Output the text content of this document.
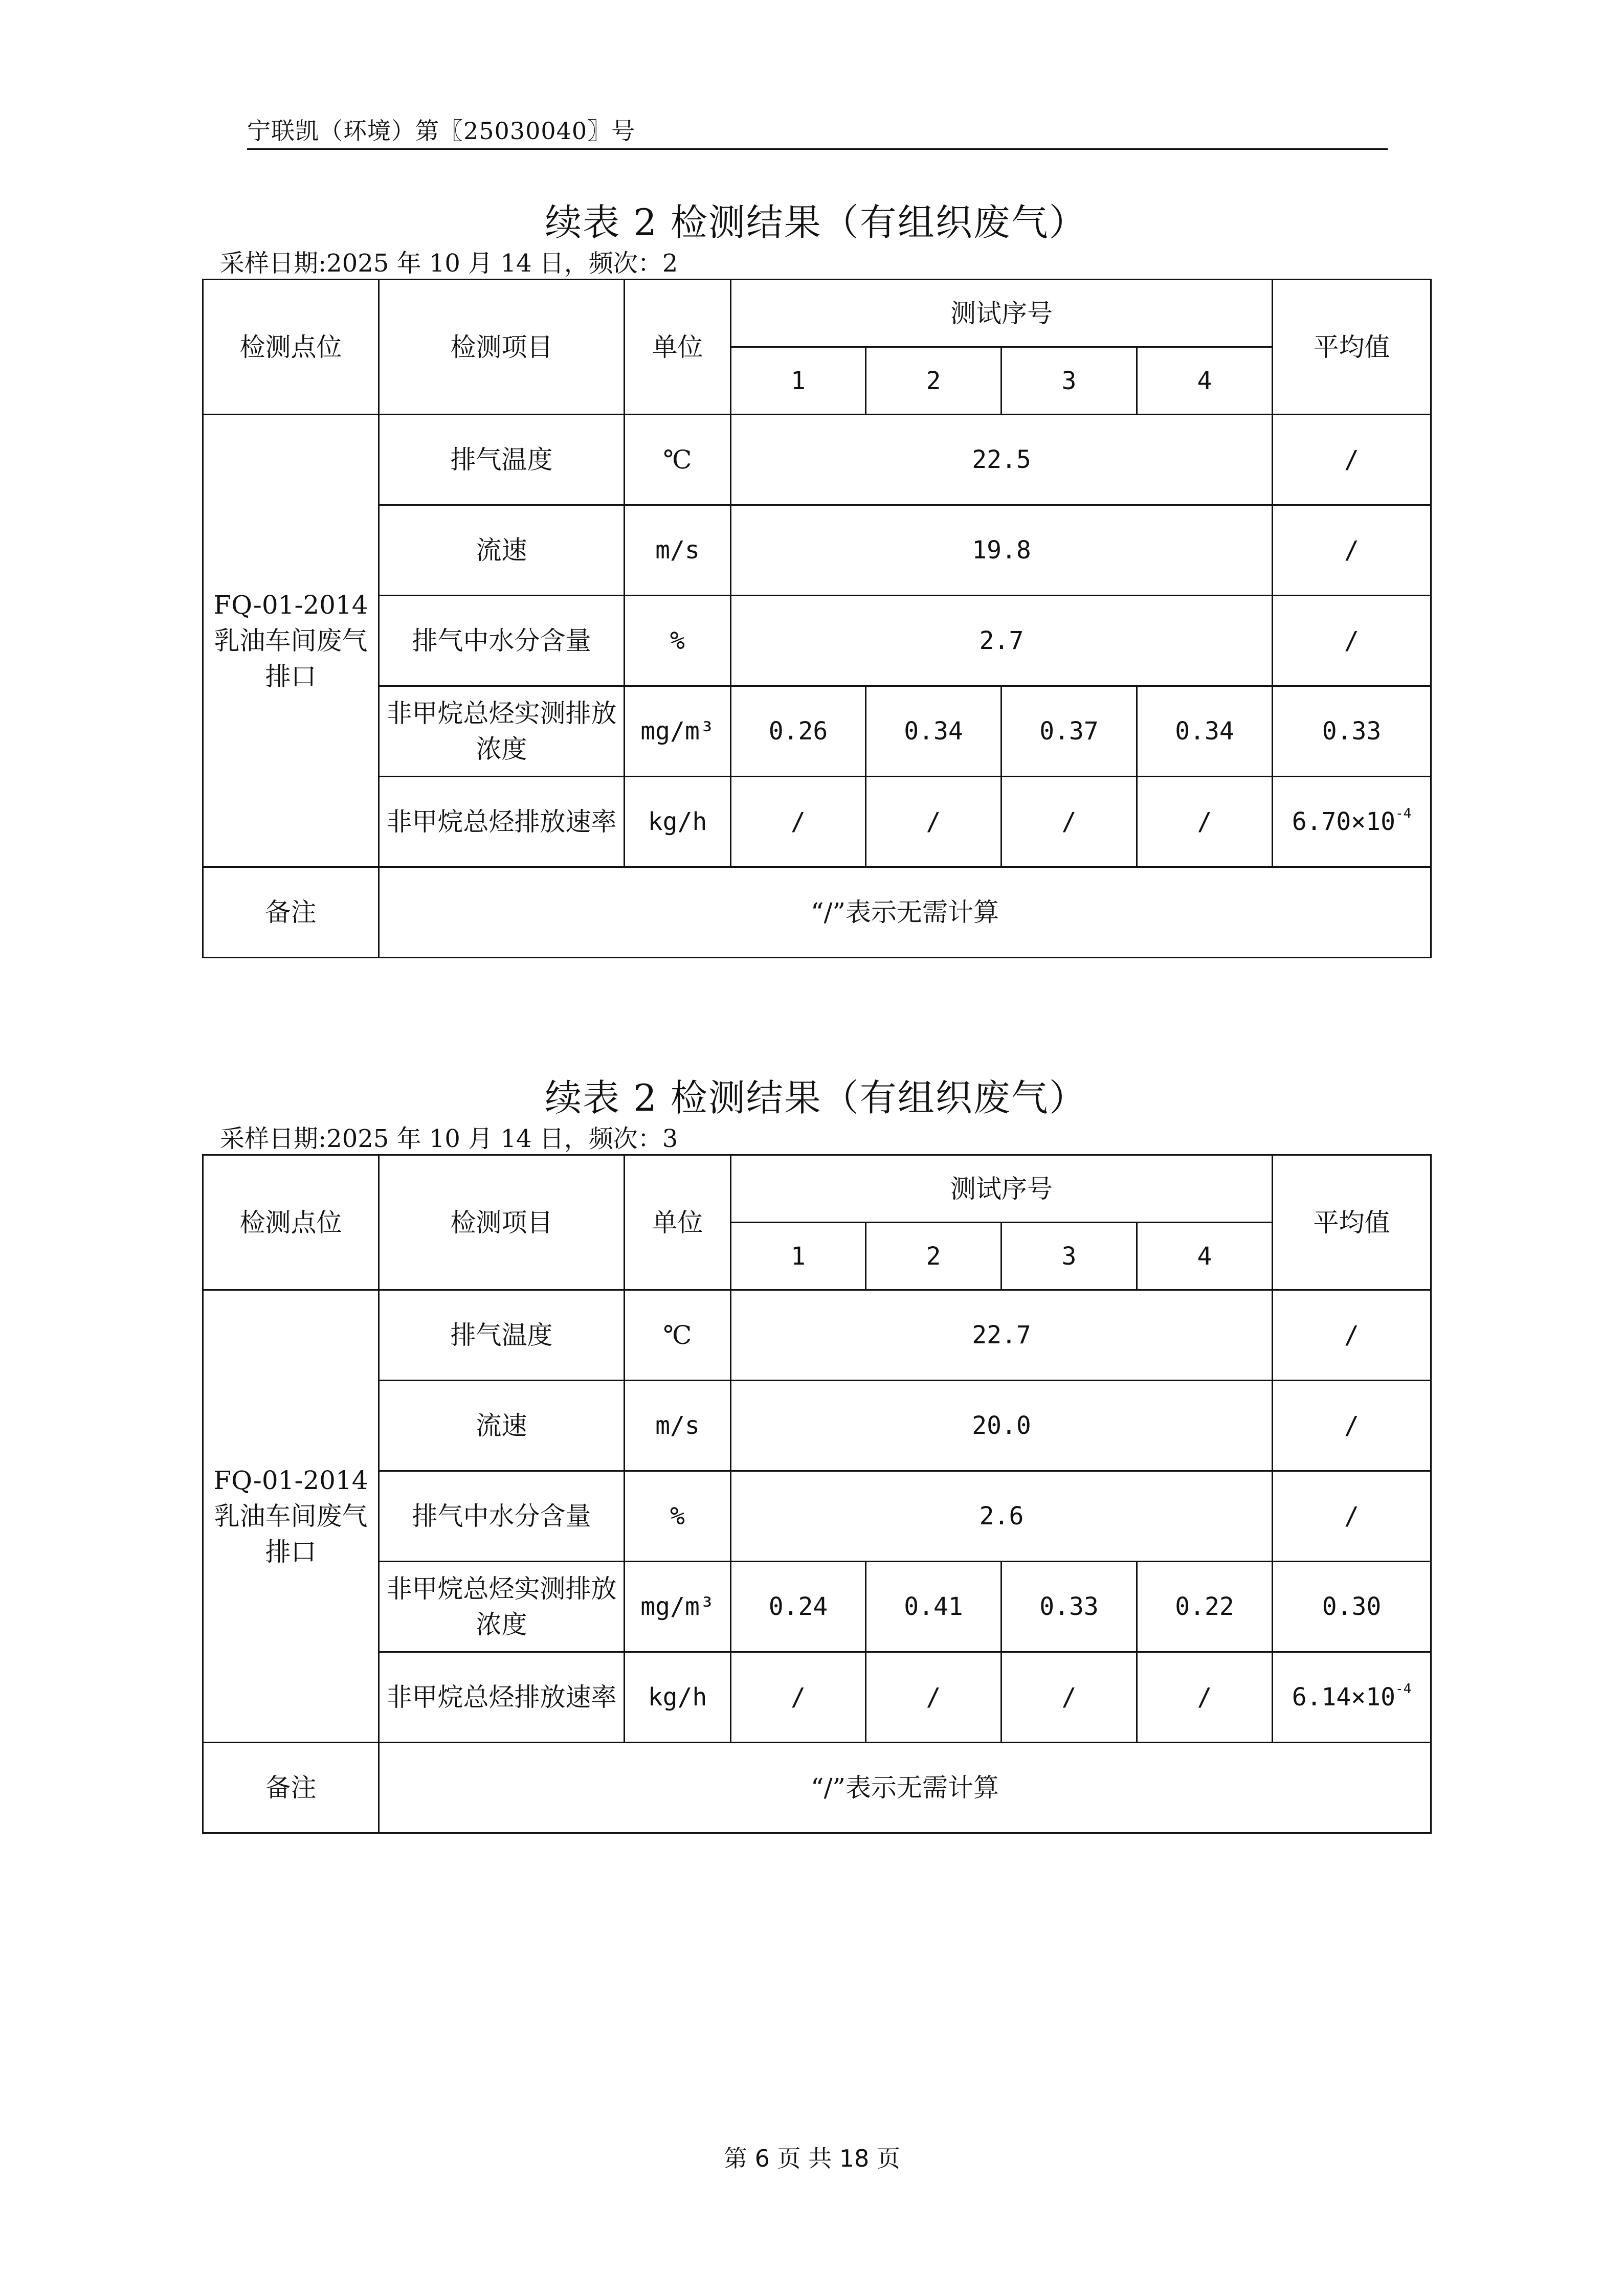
宁联凯（环境）第〖25030040〗号
续表 2 检测结果（有组织废气）
采样日期:2025 年 10 月 14 日，频次：2
检测点位	检测项目	单位	测试序号				平均值
			1	2	3	4	
FQ-01-2014 乳油车间废气排口	排气温度	℃	22.5				/
	流速	m/s	19.8				/
	排气中水分含量	%	2.7				/
	非甲烷总烃实测排放浓度	mg/m³	0.26	0.34	0.37	0.34	0.33
	非甲烷总烃排放速率	kg/h	/	/	/	/	$6.70\times 10^{-4}$
备注	“/”表示无需计算						
续表 2 检测结果（有组织废气）
采样日期:2025 年 10 月 14 日，频次：3
检测点位	检测项目	单位	测试序号				平均值
			1	2	3	4	
FQ-01-2014 乳油车间废气排口	排气温度	℃	22.7				/
	流速	m/s	20.0				/
	排气中水分含量	%	2.6				/
	非甲烷总烃实测排放浓度	mg/m³	0.24	0.41	0.33	0.22	0.30
	非甲烷总烃排放速率	kg/h	/	/	/	/	$6.14\times 10^{-4}$
备注	“/”表示无需计算						
第 6 页 共 18 页
